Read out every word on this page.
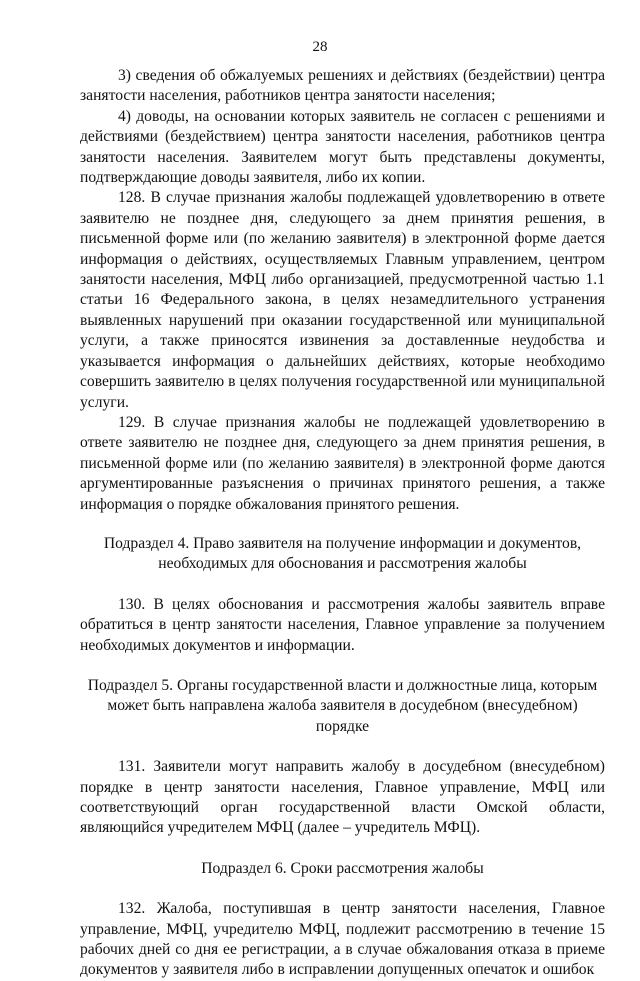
28

3) сведения об обжалуемых решениях и действиях (бездействии) центра занятости населения, работников центра занятости населения;

4) доводы, на основании которых заявитель не согласен с решениями и действиями (бездействием) центра занятости населения, работников центра занятости населения. Заявителем могут быть представлены документы, подтверждающие доводы заявителя, либо их копии.

128. В случае признания жалобы подлежащей удовлетворению в ответе заявителю не позднее дня, следующего за днем принятия решения, в письменной форме или (по желанию заявителя) в электронной форме дается информация о действиях, осуществляемых Главным управлением, центром занятости населения, МФЦ либо организацией, предусмотренной частью 1.1 статьи 16 Федерального закона, в целях незамедлительного устранения выявленных нарушений при оказании государственной или муниципальной услуги, а также приносятся извинения за доставленные неудобства и указывается информация о дальнейших действиях, которые необходимо совершить заявителю в целях получения государственной или муниципальной услуги.

129. В случае признания жалобы не подлежащей удовлетворению в ответе заявителю не позднее дня, следующего за днем принятия решения, в письменной форме или (по желанию заявителя) в электронной форме даются аргументированные разъяснения о причинах принятого решения, а также информация о порядке обжалования принятого решения.

Подраздел 4. Право заявителя на получение информации и документов, необходимых для обоснования и рассмотрения жалобы

130. В целях обоснования и рассмотрения жалобы заявитель вправе обратиться в центр занятости населения, Главное управление за получением необходимых документов и информации.

Подраздел 5. Органы государственной власти и должностные лица, которым может быть направлена жалоба заявителя в досудебном (внесудебном) порядке

131. Заявители могут направить жалобу в досудебном (внесудебном) порядке в центр занятости населения, Главное управление, МФЦ или соответствующий орган государственной власти Омской области, являющийся учредителем МФЦ (далее – учредитель МФЦ).

Подраздел 6. Сроки рассмотрения жалобы

132. Жалоба, поступившая в центр занятости населения, Главное управление, МФЦ, учредителю МФЦ, подлежит рассмотрению в течение 15 рабочих дней со дня ее регистрации, а в случае обжалования отказа в приеме документов у заявителя либо в исправлении допущенных опечаток и ошибок
